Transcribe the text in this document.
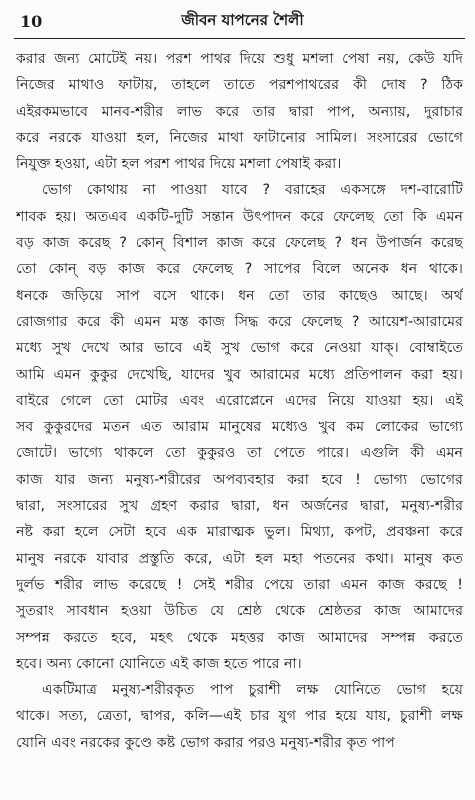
10	জীবন যাপনের শৈলী

করার জন্য মোটেই নয়। পরশ পাথর দিয়ে শুধু মশলা পেষা নয়, কেউ যদি
নিজের মাথাও ফাটায়, তাহলে তাতে পরশপাথরের কী দোষ ? ঠিক
এইরকমভাবে মানব-শরীর লাভ করে তার দ্বারা পাপ, অন্যায়, দুরাচার
করে নরকে যাওয়া হল, নিজের মাথা ফাটানোর সামিল। সংসারের ভোগে
নিযুক্ত হওয়া, এটা হল পরশ পাথর দিয়ে মশলা পেষাই করা।

ভোগ কোথায় না পাওয়া যাবে ? বরাহের একসঙ্গে দশ-বারোটি
শাবক হয়। অতএব একটি-দুটি সন্তান উৎপাদন করে ফেলেছ তো কি এমন
বড় কাজ করেছ ? কোন্ বিশাল কাজ করে ফেলেছ ? ধন উপার্জন করেছ
তো কোন্ বড় কাজ করে ফেলেছ ? সাপের বিলে অনেক ধন থাকে।
ধনকে জড়িয়ে সাপ বসে থাকে। ধন তো তার কাছেও আছে। অর্থ
রোজগার করে কী এমন মস্ত কাজ সিদ্ধ করে ফেলেছ ? আয়েশ-আরামের
মধ্যে সুখ দেখে আর ভাবে এই সুখ ভোগ করে নেওয়া যাক্। বোম্বাইতে
আমি এমন কুকুর দেখেছি, যাদের খুব আরামের মধ্যে প্রতিপালন করা হয়।
বাইরে গেলে তো মোটর এবং এরোপ্লেনে এদের নিয়ে যাওয়া হয়। এই
সব কুকুরদের মতন এত আরাম মানুষের মধ্যেও খুব কম লোকের ভাগ্যে
জোটে। ভাগ্যে থাকলে তো কুকুরও তা পেতে পারে। এগুলি কী এমন
কাজ যার জন্য মনুষ্য-শরীরের অপব্যবহার করা হবে ! ভোগ্য ভোগের
দ্বারা, সংসারের সুখ গ্রহণ করার দ্বারা, ধন অর্জনের দ্বারা, মনুষ্য-শরীর
নষ্ট করা হলে সেটা হবে এক মারাত্মক ভুল। মিথ্যা, কপট, প্রবঞ্চনা করে
মানুষ নরকে যাবার প্রস্তুতি করে, এটা হল মহা পতনের কথা। মানুষ কত
দুর্লভ শরীর লাভ করেছে ! সেই শরীর পেয়ে তারা এমন কাজ করছে !
সুতরাং সাবধান হওয়া উচিত যে শ্রেষ্ঠ থেকে শ্রেষ্ঠতর কাজ আমাদের
সম্পন্ন করতে হবে, মহৎ থেকে মহত্তর কাজ আমাদের সম্পন্ন করতে
হবে। অন্য কোনো যোনিতে এই কাজ হতে পারে না।

একটিমাত্র মনুষ্য-শরীরকৃত পাপ চুরাশী লক্ষ যোনিতে ভোগ হয়ে
থাকে। সত্য, ত্রেতা, দ্বাপর, কলি—এই চার যুগ পার হয়ে যায়, চুরাশী লক্ষ
যোনি এবং নরকের কুণ্ডে কষ্ট ভোগ করার পরও মনুষ্য-শরীর কৃত পাপ
